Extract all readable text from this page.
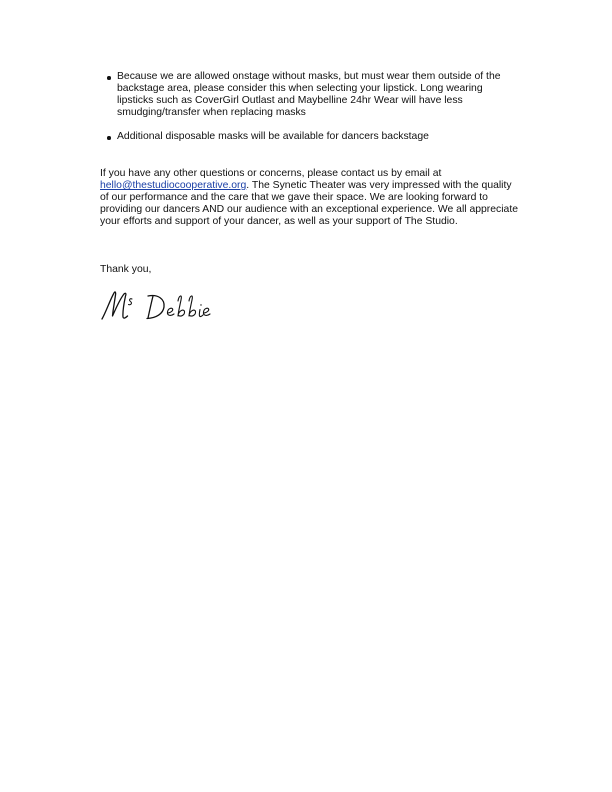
Because we are allowed onstage without masks, but must wear them outside of the backstage area, please consider this when selecting your lipstick. Long wearing lipsticks such as CoverGirl Outlast and Maybelline 24hr Wear will have less smudging/transfer when replacing masks
Additional disposable masks will be available for dancers backstage

If you have any other questions or concerns, please contact us by email at hello@thestudiocooperative.org. The Synetic Theater was very impressed with the quality of our performance and the care that we gave their space. We are looking forward to providing our dancers AND our audience with an exceptional experience. We all appreciate your efforts and support of your dancer, as well as your support of The Studio.

Thank you,
